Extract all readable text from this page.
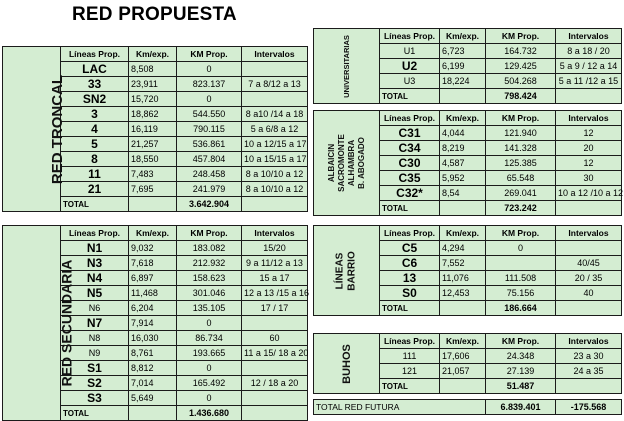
RED PROPUESTA
RED TRONCAL	Líneas Prop.	Km/exp.	KM Prop.	Intervalos
	LAC	8,508	0	
	33	23,911	823.137	7 a 8/12 a 13
	SN2	15,720	0	
	3	18,862	544.550	8 a10 /14 a 18
	4	16,119	790.115	5 a 6/8 a 12
	5	21,257	536.861	10 a 12/15 a 17
	8	18,550	457.804	10 a 15/15 a 17
	11	7,483	248.458	8 a 10/10 a 12
	21	7,695	241.979	8 a 10/10 a 12
	TOTAL		3.642.904	
RED SECUNDARIA	Líneas Prop.	Km/exp.	KM Prop.	Intervalos
	N1	9,032	183.082	15/20
	N3	7,618	212.932	9 a 11/12 a 13
	N4	6,897	158.623	15 a 17
	N5	11,468	301.046	12 a 13 /15 a 16
	N6	6,204	135.105	17 / 17
	N7	7,914	0	
	N8	16,030	86.734	60
	N9	8,761	193.665	11 a 15/ 18 a 20
	S1	8,812	0	
	S2	7,014	165.492	12 / 18 a 20
	S3	5,649	0	
	TOTAL		1.436.680	
UNIVERSITARIAS	Líneas Prop.	Km/exp.	KM Prop.	Intervalos
	U1	6,723	164.732	8 a 18 / 20
	U2	6,199	129.425	5 a 9 / 12 a 14
	U3	18,224	504.268	5 a 11 /12 a 15
	TOTAL		798.424	
ALBAICIN SACROMONTE ALHAMBRA B. ABOGADO	Líneas Prop.	Km/exp.	KM Prop.	Intervalos
	C31	4,044	121.940	12
	C34	8,219	141.328	20
	C30	4,587	125.385	12
	C35	5,952	65.548	30
	C32*	8,54	269.041	10 a 12 /10 a 12
	TOTAL		723.242	
LÍNEAS BARRIO	Líneas Prop.	Km/exp.	KM Prop.	Intervalos
	C5	4,294	0	
	C6	7,552		40/45
	13	11,076	111.508	20 / 35
	S0	12,453	75.156	40
	TOTAL		186.664	
BUHOS	Líneas Prop.	Km/exp.	KM Prop.	Intervalos
	111	17,606	24.348	23 a 30
	121	21,057	27.139	24 a 35
	TOTAL		51.487	
TOTAL RED FUTURA	6.839.401	-175.568
